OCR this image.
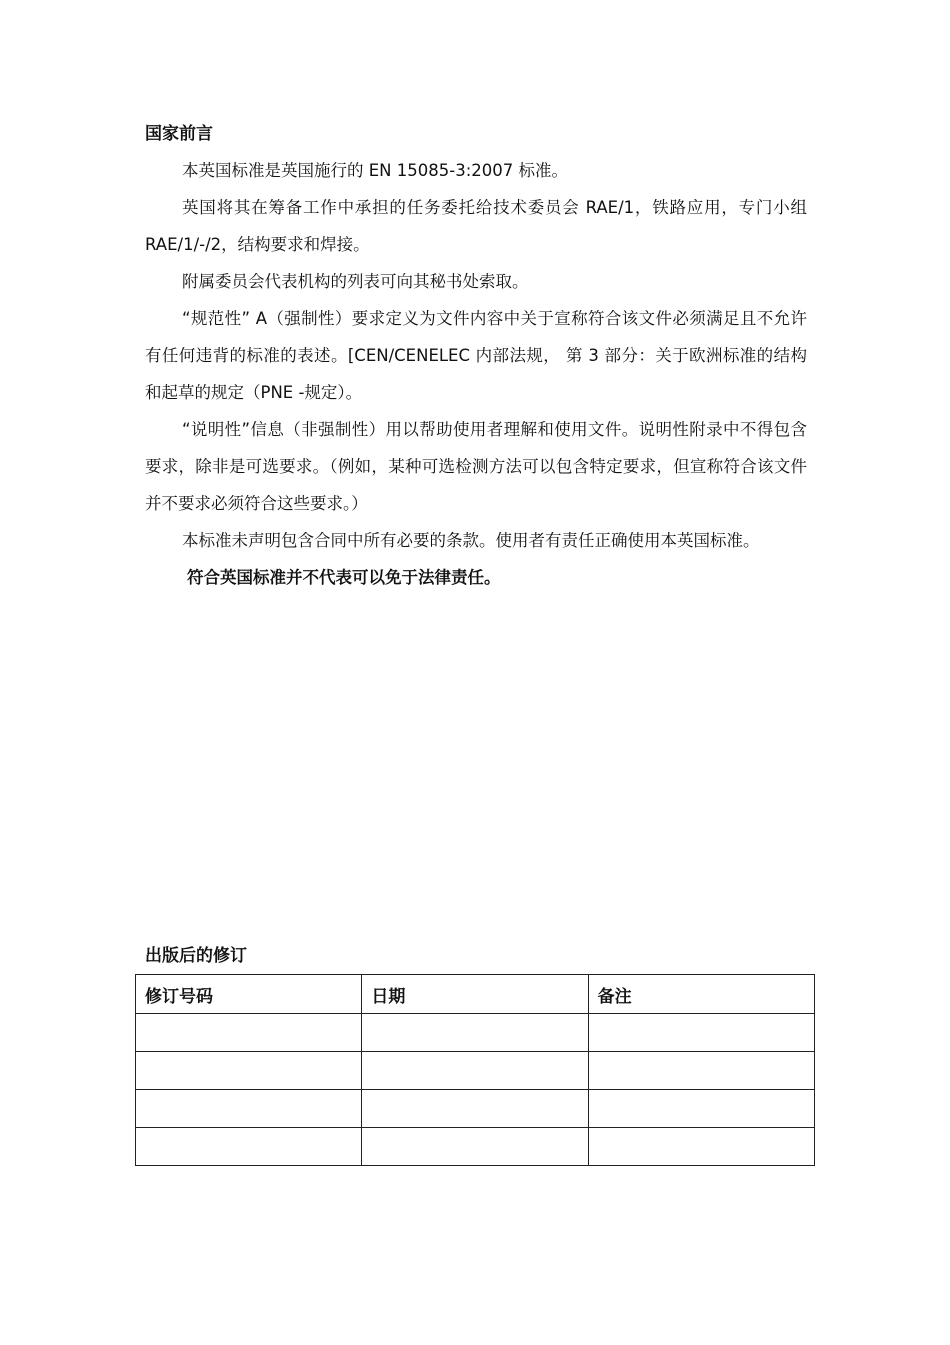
国家前言

本英国标准是英国施行的 EN 15085-3:2007 标准。

英国将其在筹备工作中承担的任务委托给技术委员会 RAE/1，铁路应用，专门小组 RAE/1/-/2，结构要求和焊接。

附属委员会代表机构的列表可向其秘书处索取。

“规范性” A（强制性）要求定义为文件内容中关于宣称符合该文件必须满足且不允许有任何违背的标准的表述。[CEN/CENELEC 内部法规， 第 3 部分：关于欧洲标准的结构和起草的规定（PNE -规定）。

“说明性”信息（非强制性）用以帮助使用者理解和使用文件。说明性附录中不得包含要求，除非是可选要求。（例如，某种可选检测方法可以包含特定要求，但宣称符合该文件并不要求必须符合这些要求。）

本标准未声明包含合同中所有必要的条款。使用者有责任正确使用本英国标准。

符合英国标准并不代表可以免于法律责任。

出版后的修订
修订号码	日期	备注
